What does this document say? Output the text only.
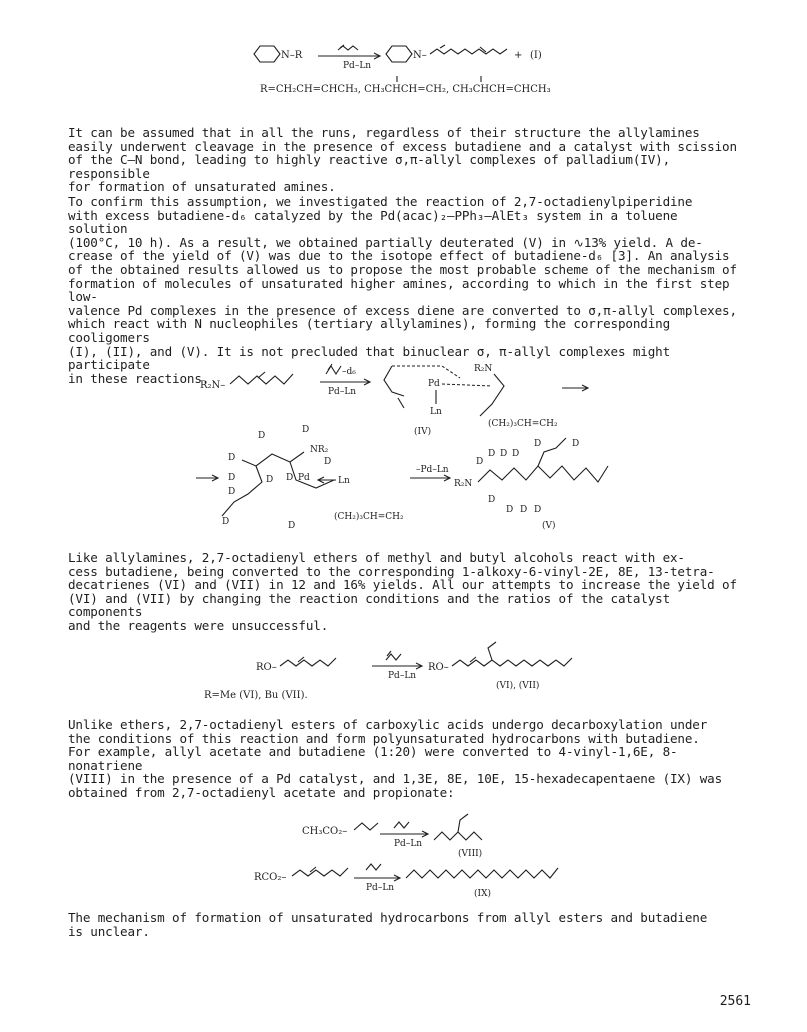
N–R
Pd–Ln
N–	+ (I)
R=CH₂CH=CHCH₃, CH₃CHCH=CH₂, CH₃CHCH=CHCH₃

It can be assumed that in all the runs, regardless of their structure the allylamines
easily underwent cleavage in the presence of excess butadiene and a catalyst with scission
of the C–N bond, leading to highly reactive σ,π-allyl complexes of palladium(IV), responsible
for formation of unsaturated amines.

To confirm this assumption, we investigated the reaction of 2,7-octadienylpiperidine
with excess butadiene-d₆ catalyzed by the Pd(acac)₂–PPh₃–AlEt₃ system in a toluene solution
(100°C, 10 h). As a result, we obtained partially deuterated (V) in ∿13% yield. A de-
crease of the yield of (V) was due to the isotope effect of butadiene-d₆ [3]. An analysis
of the obtained results allowed us to propose the most probable scheme of the mechanism of
formation of molecules of unsaturated higher amines, according to which in the first step low-
valence Pd complexes in the presence of excess diene are converted to σ,π-allyl complexes,
which react with N nucleophiles (tertiary allylamines), forming the corresponding cooligomers
(I), (II), and (V). It is not precluded that binuclear σ, π-allyl complexes might participate
in these reactions.

R₂N–
–d₆
Pd–Ln
Pd
R₂N
Ln
(IV)
(CH₂)₃CH=CH₂
D
D
NR₂
D
D
D
D D Pd	Ln
D
D	D
(CH₂)₃CH=CH₂
–Pd–Ln
R₂N
D
D D D
D	D
D
D D D
(V)

Like allylamines, 2,7-octadienyl ethers of methyl and butyl alcohols react with ex-
cess butadiene, being converted to the corresponding 1-alkoxy-6-vinyl-2E, 8E, 13-tetra-
decatrienes (VI) and (VII) in 12 and 16% yields. All our attempts to increase the yield of
(VI) and (VII) by changing the reaction conditions and the ratios of the catalyst components
and the reagents were unsuccessful.

RO–
Pd–Ln
RO–
R=Me (VI), Bu (VII).
(VI), (VII)

Unlike ethers, 2,7-octadienyl esters of carboxylic acids undergo decarboxylation under
the conditions of this reaction and form polyunsaturated hydrocarbons with butadiene.
For example, allyl acetate and butadiene (1:20) were converted to 4-vinyl-1,6E, 8-nonatriene
(VIII) in the presence of a Pd catalyst, and 1,3E, 8E, 10E, 15-hexadecapentaene (IX) was
obtained from 2,7-octadienyl acetate and propionate:

CH₃CO₂–
Pd–Ln
(VIII)
RCO₂–
Pd–Ln
(IX)

The mechanism of formation of unsaturated hydrocarbons from allyl esters and butadiene
is unclear.

2561
